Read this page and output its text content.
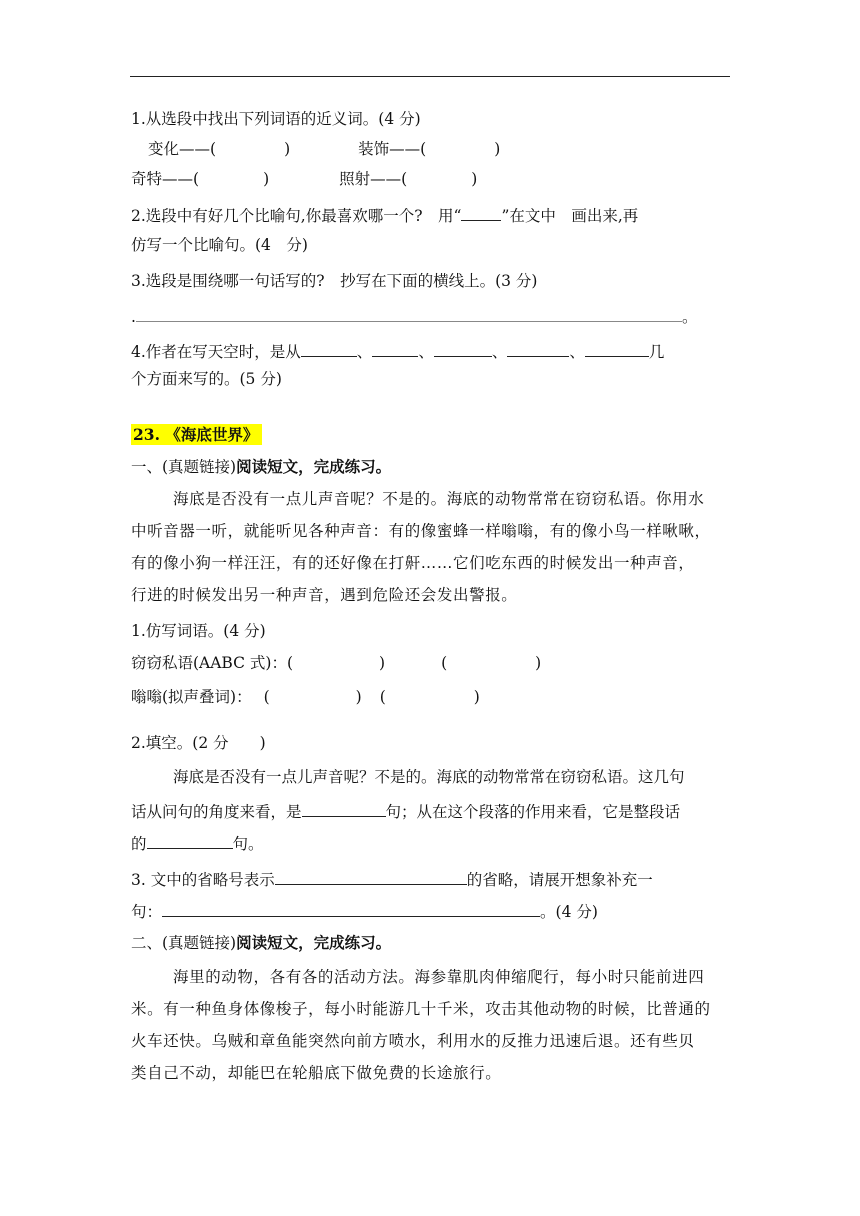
1.从选段中找出下列词语的近义词。(4 分)
变化——(	)	装饰——(	)
奇特——(	)	照射——(	)
2.选段中有好几个比喻句,你最喜欢哪一个?　用“	”在文中　画出来,再
仿写一个比喻句。(4　分)
3.选段是围绕哪一句话写的?　抄写在下面的横线上。(3 分)
.	。
4.作者在写天空时，是从	、	、	、	、	几
个方面来写的。(5 分)
23. 《海底世界》
一、(真题链接)阅读短文，完成练习。
海底是否没有一点儿声音呢？不是的。海底的动物常常在窃窃私语。你用水
中听音器一听，就能听见各种声音：有的像蜜蜂一样嗡嗡，有的像小鸟一样啾啾，
有的像小狗一样汪汪，有的还好像在打鼾……它们吃东西的时候发出一种声音，
行进的时候发出另一种声音，遇到危险还会发出警报。
1.仿写词语。(4 分)
窃窃私语(AABC 式)：(	)	(	)
嗡嗡(拟声叠词)： (	) (	)
2.填空。(2 分　　)
海底是否没有一点儿声音呢？不是的。海底的动物常常在窃窃私语。这几句
话从问句的角度来看，是	句；从在这个段落的作用来看，它是整段话
的	句。
3. 文中的省略号表示	的省略，请展开想象补充一
句：	。(4 分)
二、(真题链接)阅读短文，完成练习。
海里的动物，各有各的活动方法。海参靠肌肉伸缩爬行，每小时只能前进四
米。有一种鱼身体像梭子，每小时能游几十千米，攻击其他动物的时候，比普通的
火车还快。乌贼和章鱼能突然向前方喷水，利用水的反推力迅速后退。还有些贝
类自己不动，却能巴在轮船底下做免费的长途旅行。
